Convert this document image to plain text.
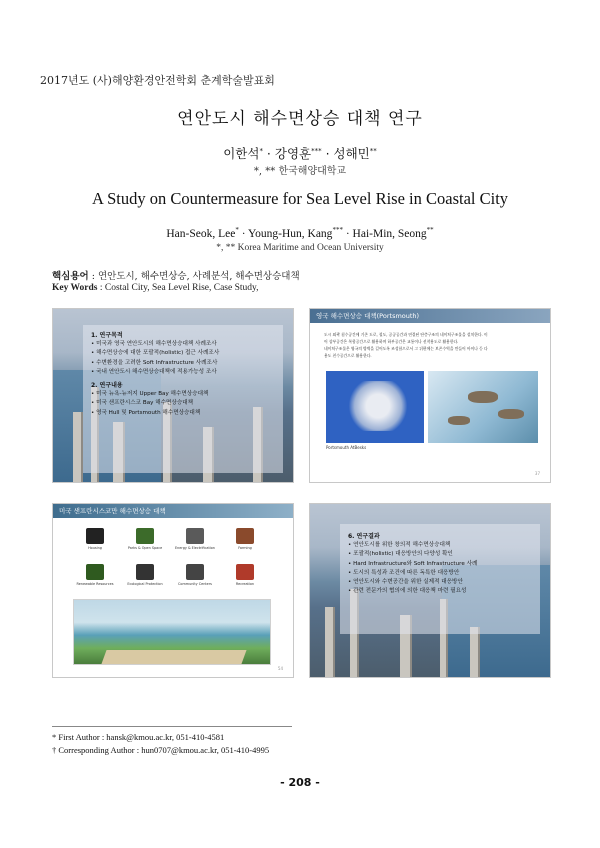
2017년도 (사)해양환경안전학회 춘계학술발표회
연안도시 해수면상승 대책 연구
이한석* · 강영훈*** · 성해민**
*, ** 한국해양대학교
A Study on Countermeasure for Sea Level Rise in Coastal City
Han-Seok, Lee* · Young-Hun, Kang*** · Hai-Min, Seong**
*, ** Korea Maritime and Ocean University
핵심용어 : 연안도시, 해수면상승, 사례분석, 해수면상승대책
Key Words : Costal City, Sea Level Rise, Case Study,
1. 연구목적
• 미국과 영국 연안도시의 해수면상승대책 사례조사
• 해수면상승에 대한 포괄적(holistic) 접근 사례조사
• 수변환경을 고려한 Soft Infrastructure 사례조사
• 국내 연안도시 해수면상승대책에 적용가능성 조사
2. 연구내용
• 미국 뉴욕-뉴저지 Upper Bay 해수면상승대책
• 미국 샌프란시스코 Bay 해수면상승대책
• 영국 Hull 및 Portsmouth 해수면상승대책
영국 해수면상승 대책(Portsmouth)
도시 외곽 침수공간에 기존 도로, 철도, 공공공간과 연결된 단층구조의 네이쳐구조물을 설치한다. 이
어 상부공간은 복합공간으로 활용하며 하부공간은 교통이나 선착용도로 활용한다.
네이쳐구조물은 영국의 방벽을 길어도록 조성함으로서 그 뒤편에는 보존수역을 만들어 아이나 등 다
용도 친수공간으로 활용한다.
Portsmouth AtBesks
37
미국 샌프란시스코만 해수면상승 대책
Housing	Parks & Open Space	Energy & Electrification	Farming
Renewable Resources	Ecological Protection	Community Centers	Recreation
54
6. 연구결과
• 연안도시를 위한 창의적 해수면상승대책
• 포괄적(holistic) 대응방안의 다양성 확인
• Hard Infrastructure와 Soft Infrastructure 사례
• 도시의 특성과 조건에 따른 독특한 대응방안
• 연안도시와 수변공간을 위한 실제적 대응방안
• 관련 전문가의 협의에 의한 대응책 마련 필요성
* First Author : hansk@kmou.ac.kr, 051-410-4581
† Corresponding Author : hun0707@kmou.ac.kr, 051-410-4995
- 208 -
